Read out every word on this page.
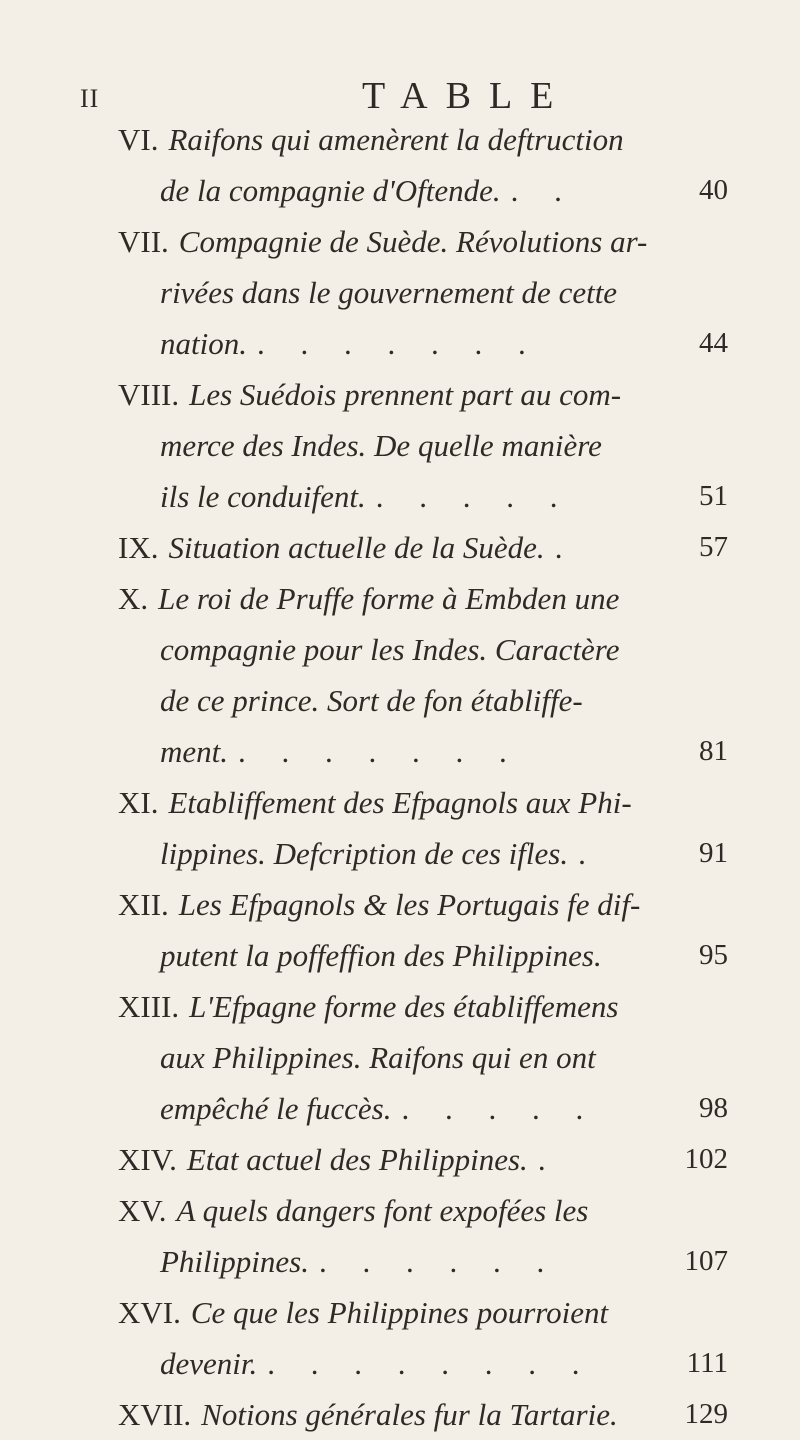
II	TABLE
VI. Raifons qui amenèrent la deftruction
de la compagnie d'Oftende. . .	40
VII. Compagnie de Suède. Révolutions ar-
rivées dans le gouvernement de cette
nation. . . . . . . .	44
VIII. Les Suédois prennent part au com-
merce des Indes. De quelle manière
ils le conduifent. . . . . .	51
IX. Situation actuelle de la Suède. .	57
X. Le roi de Pruffe forme à Embden une
compagnie pour les Indes. Caractère
de ce prince. Sort de fon établiffe-
ment. . . . . . . .	81
XI. Etabliffement des Efpagnols aux Phi-
lippines. Defcription de ces ifles. .	91
XII. Les Efpagnols & les Portugais fe dif-
putent la poffeffion des Philippines.	95
XIII. L'Efpagne forme des établiffemens
aux Philippines. Raifons qui en ont
empêché le fuccès. . . . . .	98
XIV. Etat actuel des Philippines. .	102
XV. A quels dangers font expofées les
Philippines. . . . . . .	107
XVI. Ce que les Philippines pourroient
devenir. . . . . . . . .	111
XVII. Notions générales fur la Tartarie. 129
